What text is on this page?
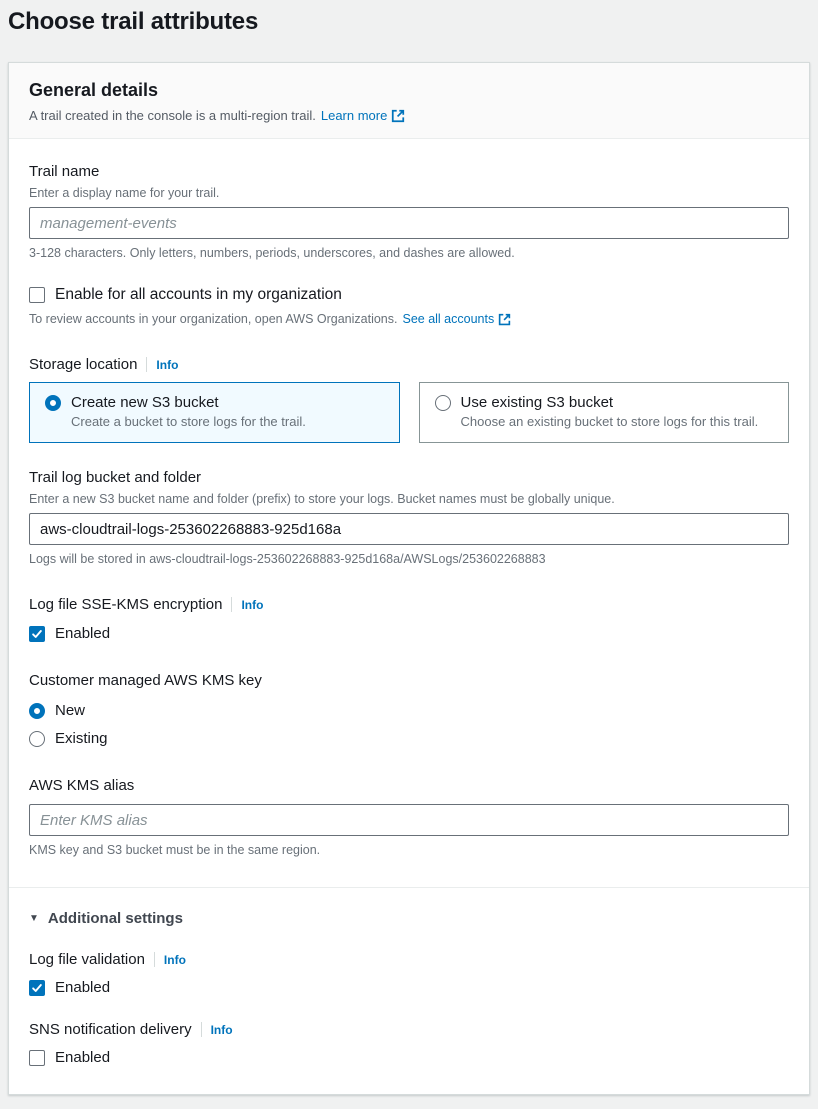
Choose trail attributes
General details
A trail created in the console is a multi-region trail. Learn more
Trail name
Enter a display name for your trail.
management-events
3-128 characters. Only letters, numbers, periods, underscores, and dashes are allowed.
Enable for all accounts in my organization
To review accounts in your organization, open AWS Organizations. See all accounts
Storage location Info
Create new S3 bucket
Create a bucket to store logs for the trail.
Use existing S3 bucket
Choose an existing bucket to store logs for this trail.
Trail log bucket and folder
Enter a new S3 bucket name and folder (prefix) to store your logs. Bucket names must be globally unique.
aws-cloudtrail-logs-253602268883-925d168a
Logs will be stored in aws-cloudtrail-logs-253602268883-925d168a/AWSLogs/253602268883
Log file SSE-KMS encryption Info
Enabled
Customer managed AWS KMS key
New
Existing
AWS KMS alias
Enter KMS alias
KMS key and S3 bucket must be in the same region.
▼ Additional settings
Log file validation Info
Enabled
SNS notification delivery Info
Enabled
